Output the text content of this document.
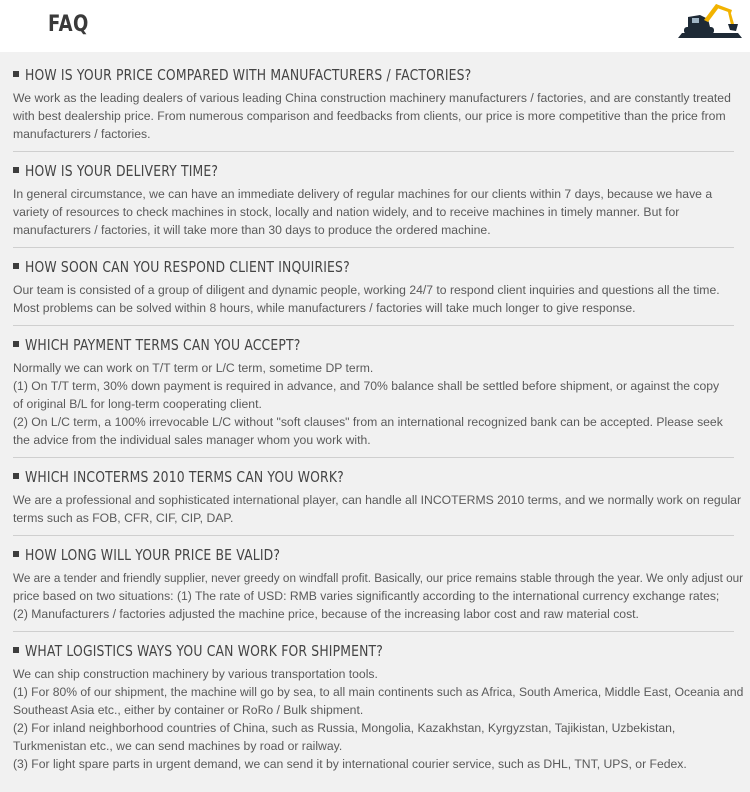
FAQ
HOW IS YOUR PRICE COMPARED WITH MANUFACTURERS / FACTORIES?
We work as the leading dealers of various leading China construction machinery manufacturers / factories, and are constantly treated
with best dealership price. From numerous comparison and feedbacks from clients, our price is more competitive than the price from
manufacturers / factories.
HOW IS YOUR DELIVERY TIME?
In general circumstance, we can have an immediate delivery of regular machines for our clients within 7 days, because we have a
variety of resources to check machines in stock, locally and nation widely, and to receive machines in timely manner. But for
manufacturers / factories, it will take more than 30 days to produce the ordered machine.
HOW SOON CAN YOU RESPOND CLIENT INQUIRIES?
Our team is consisted of a group of diligent and dynamic people, working 24/7 to respond client inquiries and questions all the time.
Most problems can be solved within 8 hours, while manufacturers / factories will take much longer to give response.
WHICH PAYMENT TERMS CAN YOU ACCEPT?
Normally we can work on T/T term or L/C term, sometime DP term.
(1) On T/T term, 30% down payment is required in advance, and 70% balance shall be settled before shipment, or against the copy
of original B/L for long-term cooperating client.
(2) On L/C term, a 100% irrevocable L/C without "soft clauses" from an international recognized bank can be accepted. Please seek
the advice from the individual sales manager whom you work with.
WHICH INCOTERMS 2010 TERMS CAN YOU WORK?
We are a professional and sophisticated international player, can handle all INCOTERMS 2010 terms, and we normally work on regular
terms such as FOB, CFR, CIF, CIP, DAP.
HOW LONG WILL YOUR PRICE BE VALID?
We are a tender and friendly supplier, never greedy on windfall profit. Basically, our price remains stable through the year. We only adjust our
price based on two situations: (1) The rate of USD: RMB varies significantly according to the international currency exchange rates;
(2) Manufacturers / factories adjusted the machine price, because of the increasing labor cost and raw material cost.
WHAT LOGISTICS WAYS YOU CAN WORK FOR SHIPMENT?
We can ship construction machinery by various transportation tools.
(1) For 80% of our shipment, the machine will go by sea, to all main continents such as Africa, South America, Middle East, Oceania and
Southeast Asia etc., either by container or RoRo / Bulk shipment.
(2) For inland neighborhood countries of China, such as Russia, Mongolia, Kazakhstan, Kyrgyzstan, Tajikistan, Uzbekistan,
Turkmenistan etc., we can send machines by road or railway.
(3) For light spare parts in urgent demand, we can send it by international courier service, such as DHL, TNT, UPS, or Fedex.
